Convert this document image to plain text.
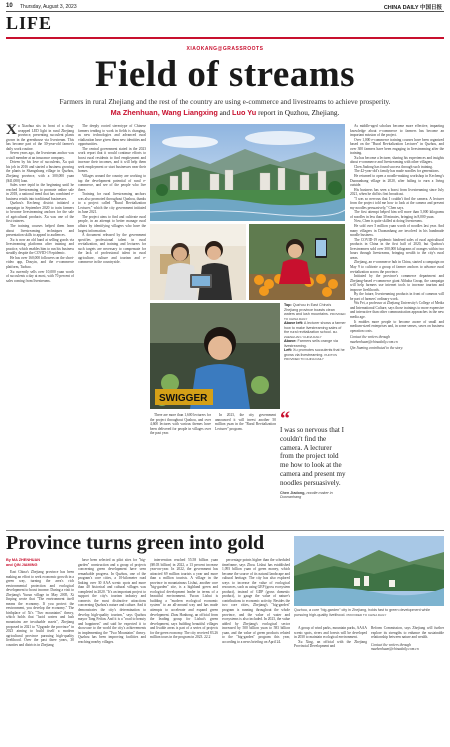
10 Thursday, August 3, 2023	CHINA DAILY 中国日报
LIFE
XIAOKANG@GRASSROOTS
Field of streams
Farmers in rural Zhejiang and the rest of the country are using e-commerce and livestreams to achieve prosperity.
Ma Zhenhuan, Wang Liangxing and Luo Yu report in Quzhou, Zhejiang.

Xu Xiaohua sits in front of a cling-wrapped LED light in rural Zhejiang province, presenting succulent plants grown in the greenhouse via livestream. This has become part of the 30-year-old farmer's daily work routine.

Seven years ago, the livestream anchor was a staff member at an insurance company.

Driven by his love of succulents, Xu quit his job in 2016 and started a business growing the plants in Shangzhang village in Quzhou, Zhejiang province, with a 300,000 yuan ($41,000) loan.

Sales were tepid in the beginning until he reached livestreaming to promote online sale in 2018, a national trend that has combined e-business retails into traditional businesses.

Quzhou's Kecheng district initiated a campaign in September 2020 to train farmers to become livestreaming anchors for the sale of agricultural products. Xu was one of the first trainees.

The training courses helped them learn about livestreaming techniques and presentation skills to appeal to audiences.

Xu is now an old hand at selling goods via livestreaming platforms after training and practice, which enables him to run his business steadily despite the COVID-19 epidemic.

He has over 160,000 followers on the short-video app, Douyin, and the e-commerce platform, Taobao.

Xu currently sells over 10,000 yuan worth of succulents a day at most, with 70 percent of sales coming from livestreams.

The deeply rooted stereotype of Chinese farmers tending to work in fields is changing, as new technologies and advanced rural vitalization have given them new identities and opportunities.

The central government stated in the 2023 work report that it would continue efforts to boost rural residents to find employment and increase their incomes, and it will help them seek employment or start businesses near their homes.

Villages around the country are working to tap the development potential of rural e-commerce, and see of the people who live there.

Training for rural livestreaming anchors was also promoted throughout Quzhou, thanks to a project called "Rural Revitalization Lecturer," which the city government initiated in June 2021.

The project aims to find and cultivate rural people, in an attempt to better manage rural affairs by identifying villagers who have the largest information.

A document released by the government specifies professional talent in rural revitalization, and training and lecturers for such targets are necessary to compensate for the lack of professional talent in rural agriculture, culture and tourism and e-commerce in the countryside.

As middle-aged scholars become more effective, imparting knowledge about e-commerce to farmers has become an important mission of the project.

Over 1,000 e-commerce training courses have been organized based on the "Rural Revitalization Lecturer" in Quzhou, and over 300 farmers have been engaging in livestreaming after the training.

Xu has become a lecturer, sharing his experiences and insights about e-commerce and livestreaming with other villagers.

Chen Jiadong has found success through such training.

The 42-year-old's family has made noodles for generations.

He returned to open a noodle-making workshop in Kecheng's Duonanhang village in 2020, after failing to earn a living outside.

His business has seen a boost from livestreaming since July 2021, when he did his first broadcast.

"I was so nervous that I couldn't find the camera. A lecturer from the project told me how to look at the camera and present my noodles persuasively," Chen says.

The first attempt helped him sell more than 5,000 kilograms of noodles in less than 30 minutes, bringing in 8,000 yuan.

Now, Chen is quite skilled at doing livestreams.

He sold over 5 million yuan worth of noodles last year. And many villagers in Duonanhang are involved in his handmade noodle business.

The COVID-19 epidemic hindered sales of rural agricultural products in China in the first half of 2020, but Quzhou's livestreamers sold over 300,000 kilograms of oranges within two hours through livestreams, bringing wealth to the city's rural areas.

Zhejiang, an e-commerce hub in China, started a campaign on May 9 to cultivate a group of farmer anchors to advance rural revitalization across the province.

Initiated by the province's commerce department and Zhejiang-based e-commerce giant Alibaba Group, the campaign will help farmers use internet tools to increase tourism and improve livelihoods.

By the future, livestreaming products in front of cameras will be part of farmers' ordinary work.

Wu Fei, a professor at Zhejiang University's College of Media and International Culture, says those trainings to more expensive and interactive than other communication approaches in the new media age.

It enables more people to become aware of small and medium-sized enterprises and, in some senses, saves on business operation costs.

Contact the writers through

mazhenhuan@chinadaily.com.cn

Qin Jiaming contributed to the story.

SWIGGER

Top: Quzhou in East China's Zhejiang province boasts clean waters and lush mountains. PROVIDED TO CHINA DAILY

Above left: A lecturer shows a farmer how to make livestreaming sales of the rural revitalization school. MA ZHENHUAN / CHINA DAILY

Above: Farmers sells orange via livestreaming.

Left: Xu promotes succulents that he grows via livestreaming. PHOTOS PROVIDED TO CHINA DAILY

“
I was so nervous that I couldn't find the camera. A lecturer from the project told me how to look at the camera and present my noodles persuasively.
Chen Jiadong, noodle maker in Duonanhang

There are more than 1,600 lecturers for the project throughout Quzhou, and over 4,600 lectures with various themes have been delivered for people in villages over the past year.

In 2023, the city government announced it will invest another 50 million yuan in the "Rural Revitalization Lecturer" program.

Province turns green into gold
By MA ZHENHUAN
and QIN JIAMING

East China's Zhejiang province has been making an effort to seek economic growth in a green way, turning the area's rich environmental protection and ecological development to boost income. During a visit to Zhejiang's Yucun village in May 2005, Xi Jinping wrote that "The environment itself means the economy. If you protect the environment, you develop the economy." The birthplace of Xi's "Two mountains" theory, which holds that "lucid waters and lush mountains are invaluable assets", Zhejiang proposed in 2021 to "Upgrade the province" in 2023 aiming to build itself a modern agricultural province pursuing high-quality livelihood. Over the past three years, 30 counties and districts in Zhejiang

have been selected as pilot sites for "big-garden" construction and a group of projects concerning green development have seen remarkable progress. In Quzhou, one of the program's core cities, a 10-kilometer road linking over 30 AAA scenic spots and more than 40 historical and cultural villages was completed in 2020. "It's an important project to support the city's tourism industry and connects the most distinctive attractions concerning Quzhou's nature and culture. And it demonstrates the city's determination to develop high-quality tourism," says Quzhou mayor Tang Feifan. And it is a "road to beauty and happiness" and said he expected it to showcase to the world the city's achievements in implementing the "Two Mountains" theory. Quzhou has been improving facilities and reaching nearby villages.

intervention reached 55.58 billion yuan ($8.03 billion) in 2022, a 13 percent increase year-on-year. In 2022, the government has attracted 69 million tourists a year and more than a million tourists. A village in the province in mountainous Lishui, another core "big-garden" site, is a highland green and ecological development leader in terms of a beautiful environment. Yucun Lishui is building a "modern ecological economic system" to an all-around way and has made attempts to accelerate and expand green development. Zhou Hanhong, an official from the leading group for Lishui's green development, says building beautiful villages and livable areas is part of a series of projects for the green economy. The city received 83.26 million tours in the program in 2023. 22.2

percentage points higher than the scheduled timeframe, says Zhou. Lishui has established 1,093 billion yuan of green money, which became the source of its natural landscape and cultural heritage. The city has also explored ways to increase the value of ecological resources, such as using GEP (gross ecosystem product), instead of GDP (gross domestic product), to gauge the value of nature's contributions to economic activity. Besides the two core cities, Zhejiang's "big-garden" program is running throughout the whole province, and the value of water and ecosystems is also included. In 2023, the value added by Zhejiang's ecological sector increased by 500 billion yuan to 583 billion yuan, and the value of green products related to the "big-garden" program this year, according to a news briefing on April 24.

Quzhou, a core "big-garden" city in Zhejiang, holds fast to green development while pursuing high-quality livelihood. PROVIDED TO CHINA DAILY

A group of wind parks, mountain parks, AAAA scenic spots, rivers and forests will be developed in 2030 to maintain ecological environment.

Xu Xing, an official with the Zhejiang Provincial Development and

Reform Commission, says Zhejiang will further explore its strengths to enhance the sustainable relationship between nature and wealth.

Contact the writers through

mazhenhuan@chinadaily.com.cn
